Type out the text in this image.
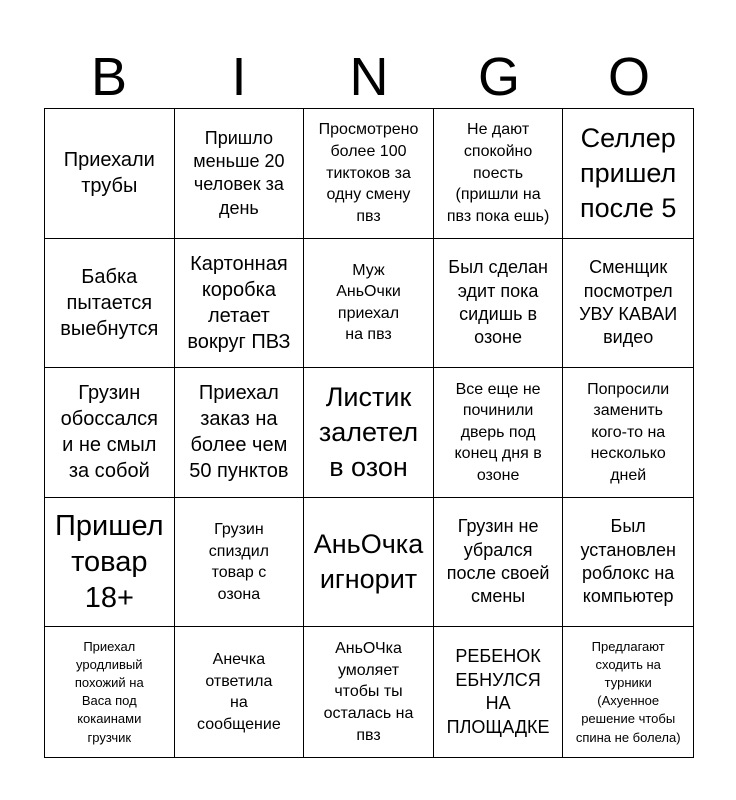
B	I	N	G	O
Приехали
трубы
Пришло
меньше 20
человек за
день
Просмотрено
более 100
тиктоков за
одну смену
пвз
Не дают
спокойно
поесть
(пришли на
пвз пока ешь)
Селлер
пришел
после 5
Бабка
пытается
выебнутся
Картонная
коробка
летает
вокруг ПВЗ
Муж
АньОчки
приехал
на пвз
Был сделан
эдит пока
сидишь в
озоне
Сменщик
посмотрел
УВУ КАВАИ
видео
Грузин
обоссался
и не смыл
за собой
Приехал
заказ на
более чем
50 пунктов
Листик
залетел
в озон
Все еще не
починили
дверь под
конец дня в
озоне
Попросили
заменить
кого-то на
несколько
дней
Пришел
товар
18+
Грузин
спиздил
товар с
озона
АньОчка
игнорит
Грузин не
убрался
после своей
смены
Был
установлен
роблокс на
компьютер
Приехал
уродливый
похожий на
Васа под
кокаинами
грузчик
Анечка
ответила
на
сообщение
АньОЧка
умоляет
чтобы ты
осталась на
пвз
РЕБЕНОК
ЕБНУЛСЯ
НА
ПЛОЩАДКЕ
Предлагают
сходить на
турники
(Ахуенное
решение чтобы
спина не болела)
